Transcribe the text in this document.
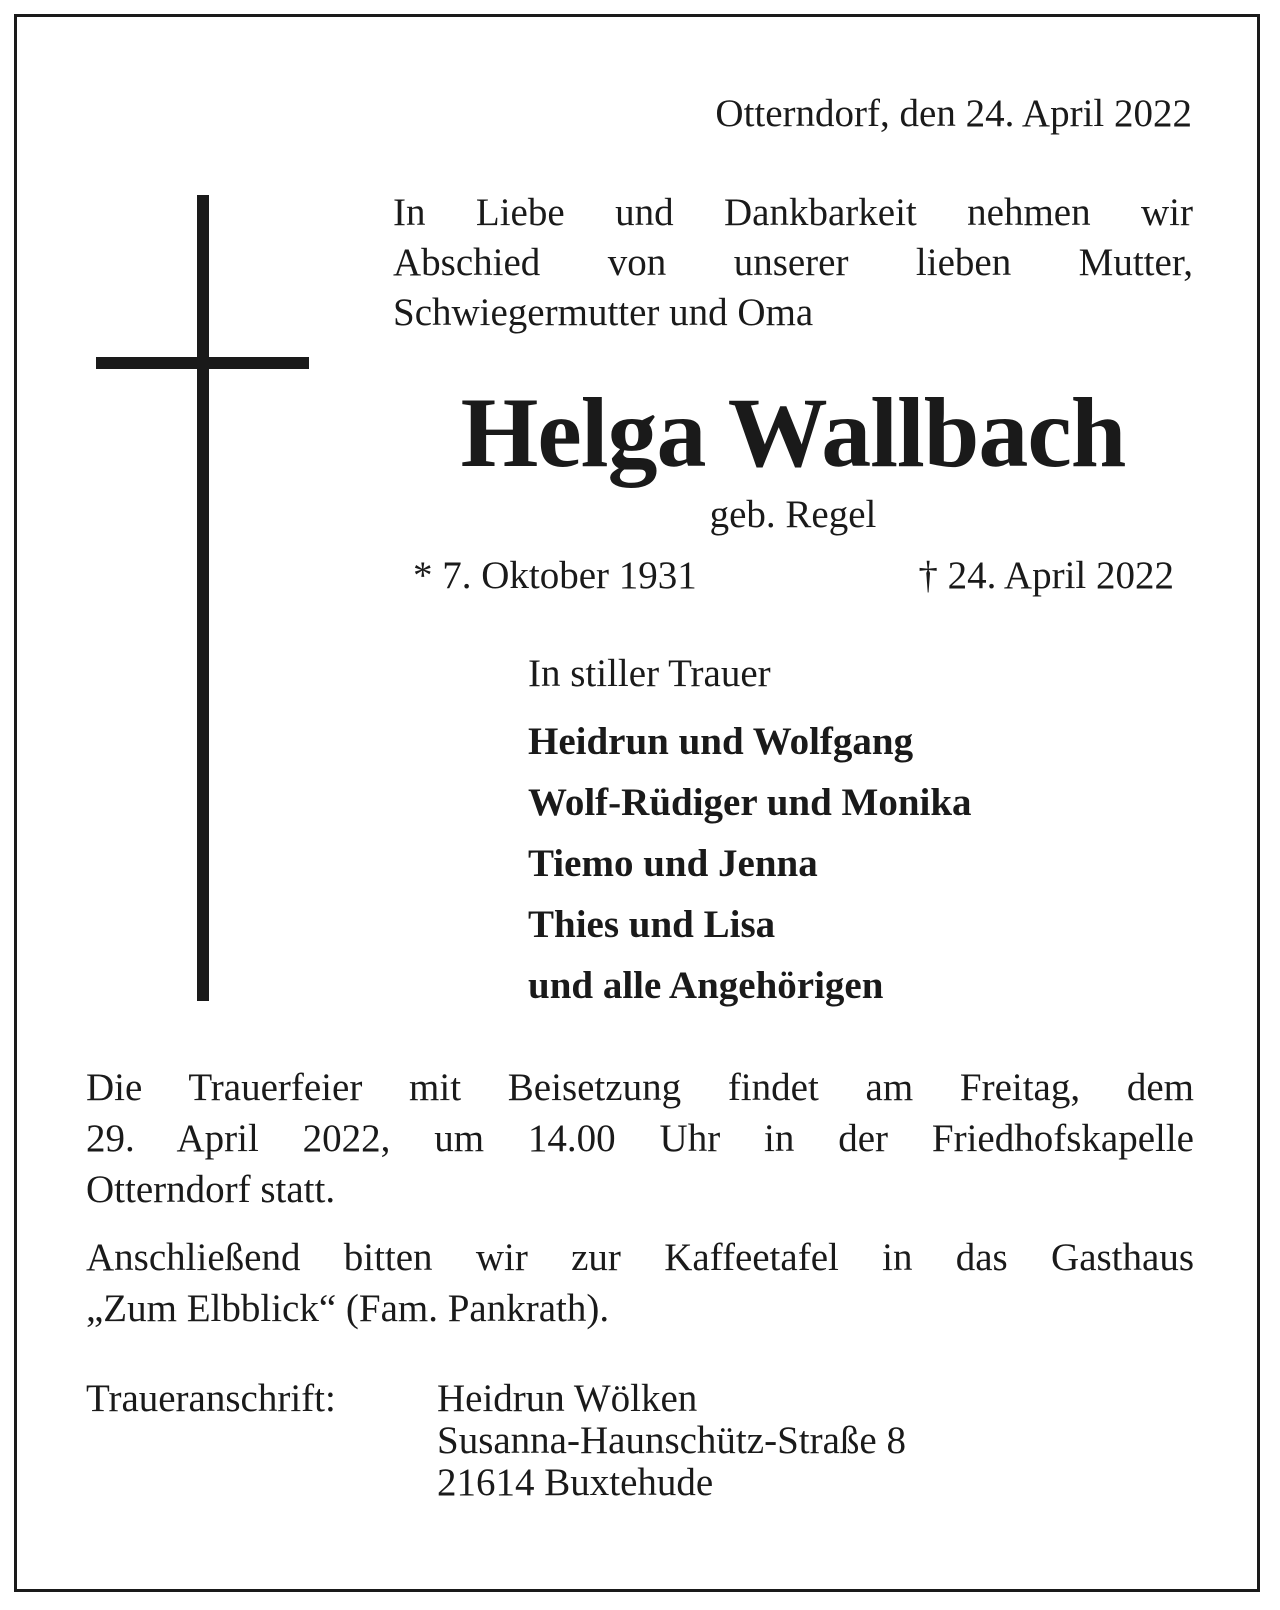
Otterndorf, den 24. April 2022
In Liebe und Dankbarkeit nehmen wir
Abschied von unserer lieben Mutter,
Schwiegermutter und Oma
Helga Wallbach
geb. Regel
* 7. Oktober 1931	† 24. April 2022
In stiller Trauer
Heidrun und Wolfgang
Wolf-Rüdiger und Monika
Tiemo und Jenna
Thies und Lisa
und alle Angehörigen
Die Trauerfeier mit Beisetzung findet am Freitag, dem
29. April 2022, um 14.00 Uhr in der Friedhofskapelle
Otterndorf statt.
Anschließend bitten wir zur Kaffeetafel in das Gasthaus
„Zum Elbblick“ (Fam. Pankrath).
Traueranschrift:	Heidrun Wölken
Susanna-Haunschütz-Straße 8
21614 Buxtehude
